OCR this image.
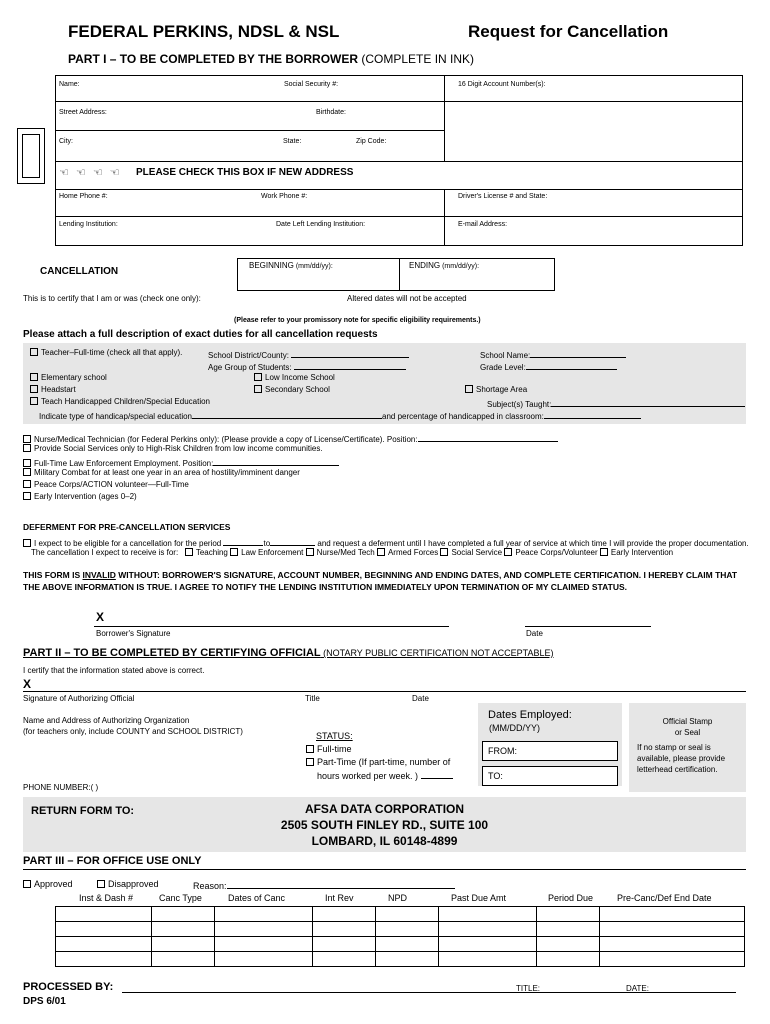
FEDERAL PERKINS, NDSL & NSL	Request for Cancellation
PART I – TO BE COMPLETED BY THE BORROWER (COMPLETE IN INK)
Name:	Social Security #:	16 Digit Account Number(s):
Street Address:	Birthdate:
City:	State:	Zip Code:
☜ ☜ ☜ ☜ PLEASE CHECK THIS BOX IF NEW ADDRESS
Home Phone #:	Work Phone #:	Driver's License # and State:
Lending Institution:	Date Left Lending Institution:	E-mail Address:
BEGINNING (mm/dd/yy):	ENDING (mm/dd/yy):
CANCELLATION
This is to certify that I am or was (check one only):	Altered dates will not be accepted
(Please refer to your promissory note for specific eligibility requirements.)
Please attach a full description of exact duties for all cancellation requests
Teacher–Full-time (check all that apply).	School District/County:
Age Group of Students:
School Name:
Grade Level:
Elementary school	Low Income School
Headstart	Secondary School	Shortage Area
Teach Handicapped Children/Special Education	Subject(s) Taught:
Indicate type of handicap/special education	and percentage of handicapped in classroom:
Nurse/Medical Technician (for Federal Perkins only): (Please provide a copy of License/Certificate). Position:
Provide Social Services only to High-Risk Children from low income communities.
Full-Time Law Enforcement Employment. Position:
Military Combat for at least one year in an area of hostility/imminent danger
Peace Corps/ACTION volunteer—Full-Time
Early Intervention (ages 0–2)
DEFERMENT FOR PRE-CANCELLATION SERVICES
I expect to be eligible for a cancellation for the period	to	and request a deferment until I have completed a full year of service at which time I will provide the proper documentation.
The cancellation I expect to receive is for: Teaching Law Enforcement Nurse/Med Tech Armed Forces Social Service Peace Corps/Volunteer Early Intervention
THIS FORM IS INVALID WITHOUT: BORROWER'S SIGNATURE, ACCOUNT NUMBER, BEGINNING AND ENDING DATES, AND COMPLETE CERTIFICATION. I HEREBY CLAIM THAT THE ABOVE INFORMATION IS TRUE. I AGREE TO NOTIFY THE LENDING INSTITUTION IMMEDIATELY UPON TERMINATION OF MY CLAIMED STATUS.
X
Borrower's Signature	Date
PART II – TO BE COMPLETED BY CERTIFYING OFFICIAL (NOTARY PUBLIC CERTIFICATION NOT ACCEPTABLE)
I certify that the information stated above is correct.
X
Signature of Authorizing Official	Title	Date
Name and Address of Authorizing Organization
(for teachers only, include COUNTY and SCHOOL DISTRICT)	STATUS:
Full-time
Part-Time (If part-time, number of
hours worked per week. )
Dates Employed:
(MM/DD/YY)
FROM:
TO:
Official Stamp
or Seal
If no stamp or seal is available, please provide letterhead certification.
PHONE NUMBER:( )
RETURN FORM TO:	AFSA DATA CORPORATION
2505 SOUTH FINLEY RD., SUITE 100
LOMBARD, IL 60148-4899
PART III – FOR OFFICE USE ONLY
Approved	Disapproved	Reason:
Inst & Dash #	Canc Type	Dates of Canc	Int Rev	NPD	Past Due Amt	Period Due	Pre-Canc/Def End Date

PROCESSED BY:	TITLE:	DATE:
DPS 6/01
